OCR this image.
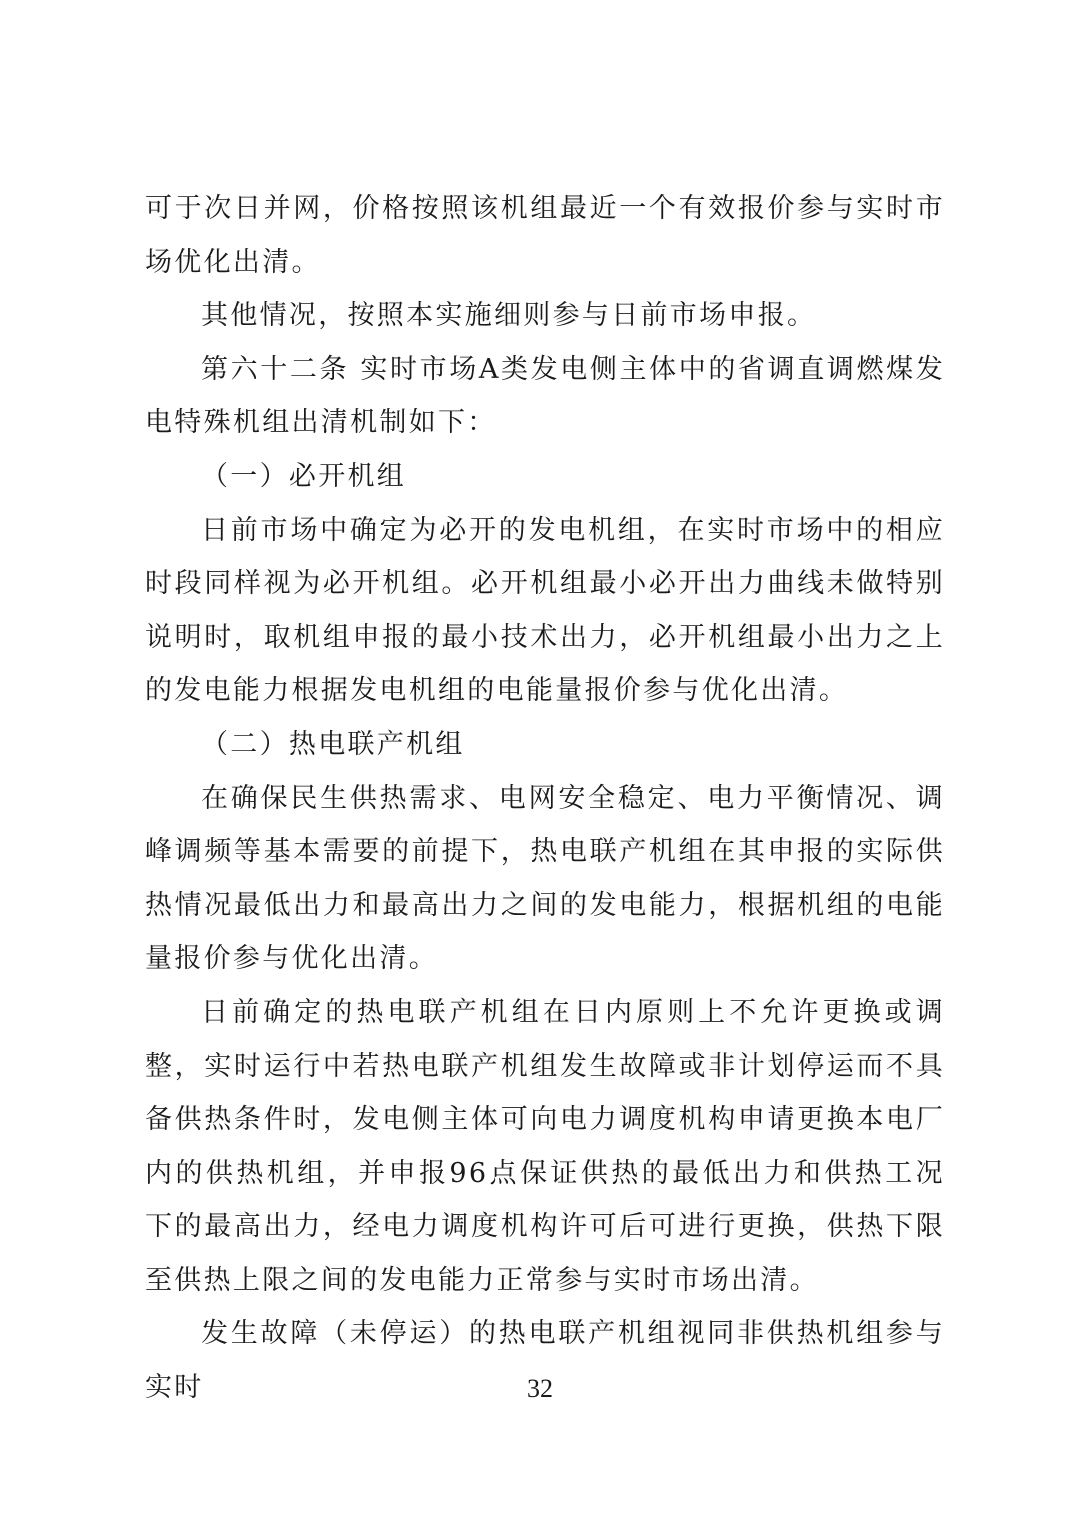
可于次日并网，价格按照该机组最近一个有效报价参与实时市场优化出清。

其他情况，按照本实施细则参与日前市场申报。

第六十二条 实时市场A类发电侧主体中的省调直调燃煤发电特殊机组出清机制如下：

（一）必开机组

日前市场中确定为必开的发电机组，在实时市场中的相应时段同样视为必开机组。必开机组最小必开出力曲线未做特别说明时，取机组申报的最小技术出力，必开机组最小出力之上的发电能力根据发电机组的电能量报价参与优化出清。

（二）热电联产机组

在确保民生供热需求、电网安全稳定、电力平衡情况、调峰调频等基本需要的前提下，热电联产机组在其申报的实际供热情况最低出力和最高出力之间的发电能力，根据机组的电能量报价参与优化出清。

日前确定的热电联产机组在日内原则上不允许更换或调整，实时运行中若热电联产机组发生故障或非计划停运而不具备供热条件时，发电侧主体可向电力调度机构申请更换本电厂内的供热机组，并申报96点保证供热的最低出力和供热工况下的最高出力，经电力调度机构许可后可进行更换，供热下限至供热上限之间的发电能力正常参与实时市场出清。

发生故障（未停运）的热电联产机组视同非供热机组参与实时	32
